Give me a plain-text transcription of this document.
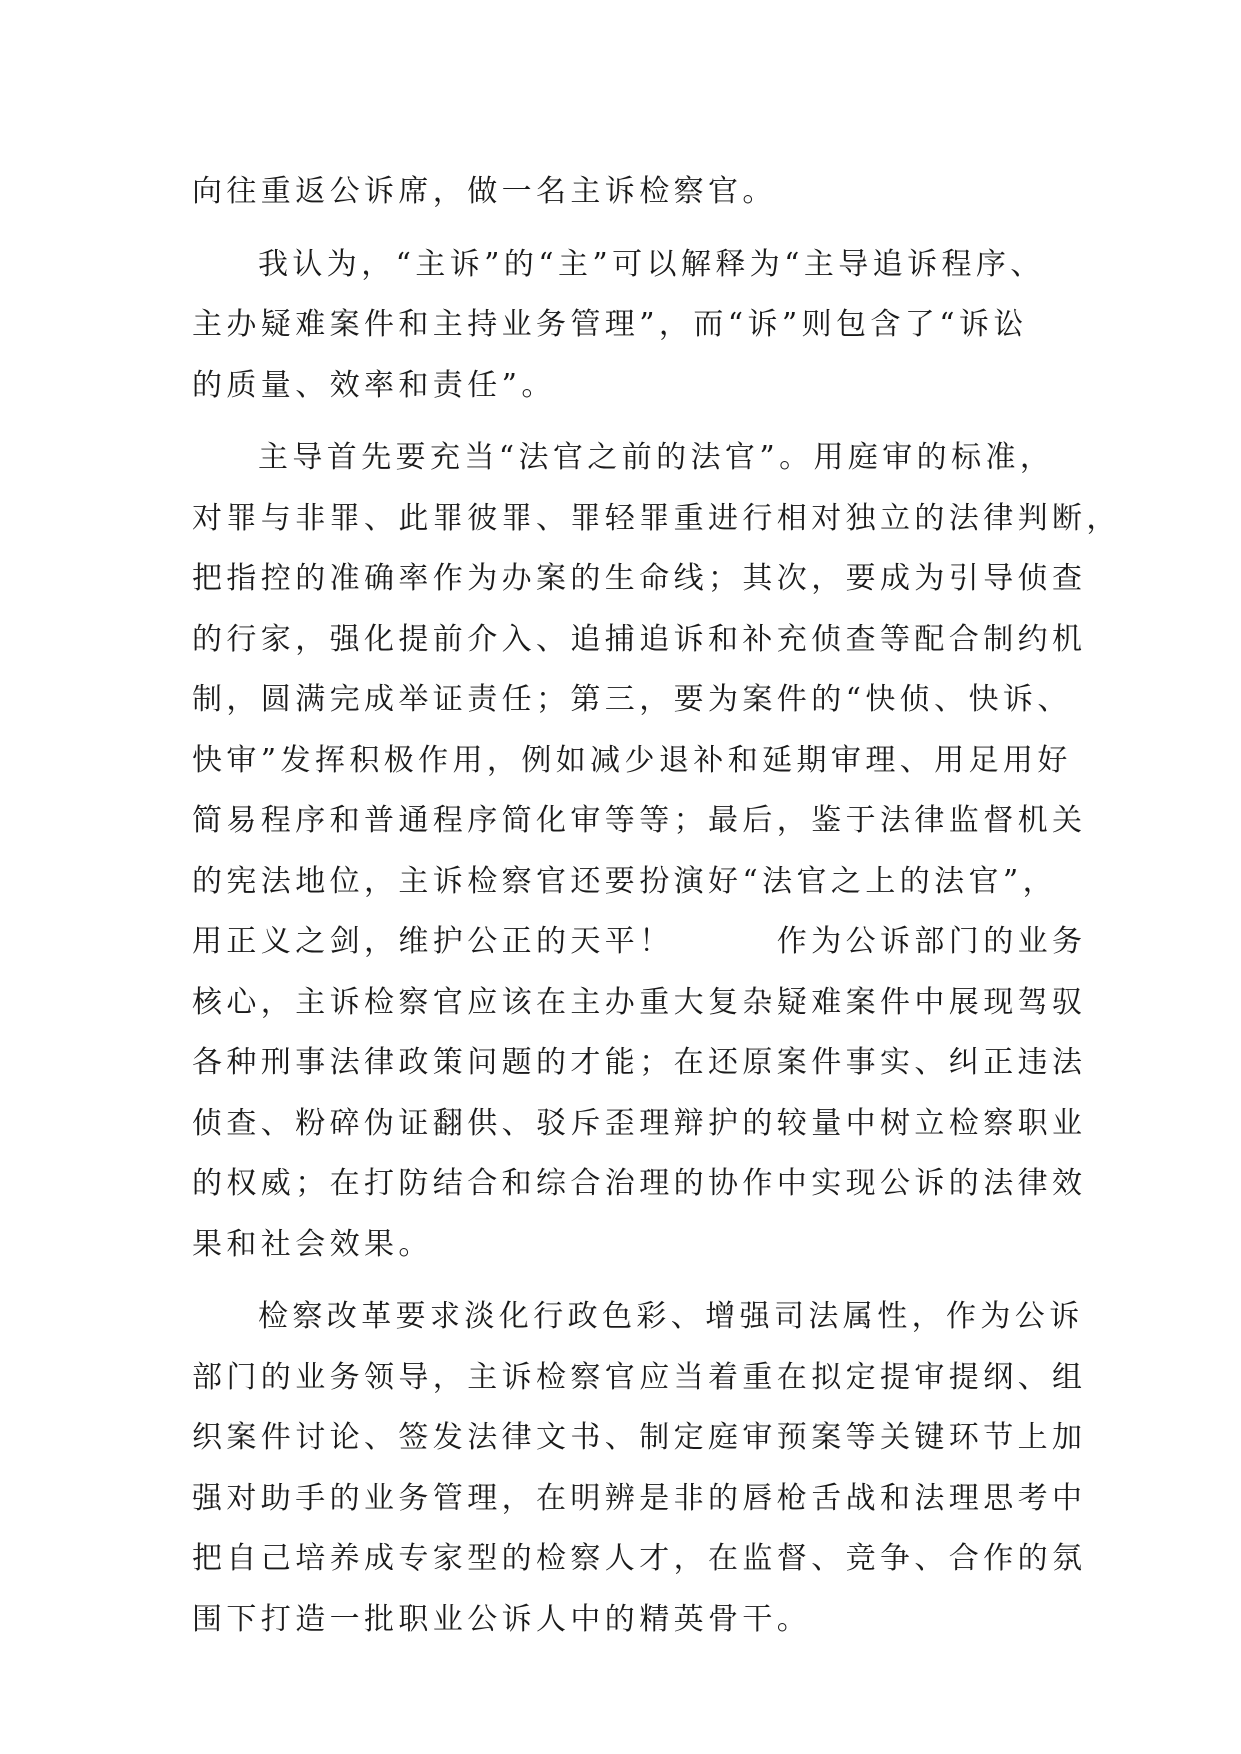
向往重返公诉席，做一名主诉检察官。
我认为，“主诉”的“主”可以解释为“主导追诉程序、
主办疑难案件和主持业务管理”，而“诉”则包含了“诉讼
的质量、效率和责任”。
主导首先要充当“法官之前的法官”。用庭审的标准，
对罪与非罪、此罪彼罪、罪轻罪重进行相对独立的法律判断，
把指控的准确率作为办案的生命线；其次，要成为引导侦查
的行家，强化提前介入、追捕追诉和补充侦查等配合制约机
制，圆满完成举证责任；第三，要为案件的“快侦、快诉、
快审”发挥积极作用，例如减少退补和延期审理、用足用好
简易程序和普通程序简化审等等；最后，鉴于法律监督机关
的宪法地位，主诉检察官还要扮演好“法官之上的法官”，
用正义之剑，维护公正的天平！　　　作为公诉部门的业务
核心，主诉检察官应该在主办重大复杂疑难案件中展现驾驭
各种刑事法律政策问题的才能；在还原案件事实、纠正违法
侦查、粉碎伪证翻供、驳斥歪理辩护的较量中树立检察职业
的权威；在打防结合和综合治理的协作中实现公诉的法律效
果和社会效果。
检察改革要求淡化行政色彩、增强司法属性，作为公诉
部门的业务领导，主诉检察官应当着重在拟定提审提纲、组
织案件讨论、签发法律文书、制定庭审预案等关键环节上加
强对助手的业务管理，在明辨是非的唇枪舌战和法理思考中
把自己培养成专家型的检察人才，在监督、竞争、合作的氛
围下打造一批职业公诉人中的精英骨干。
